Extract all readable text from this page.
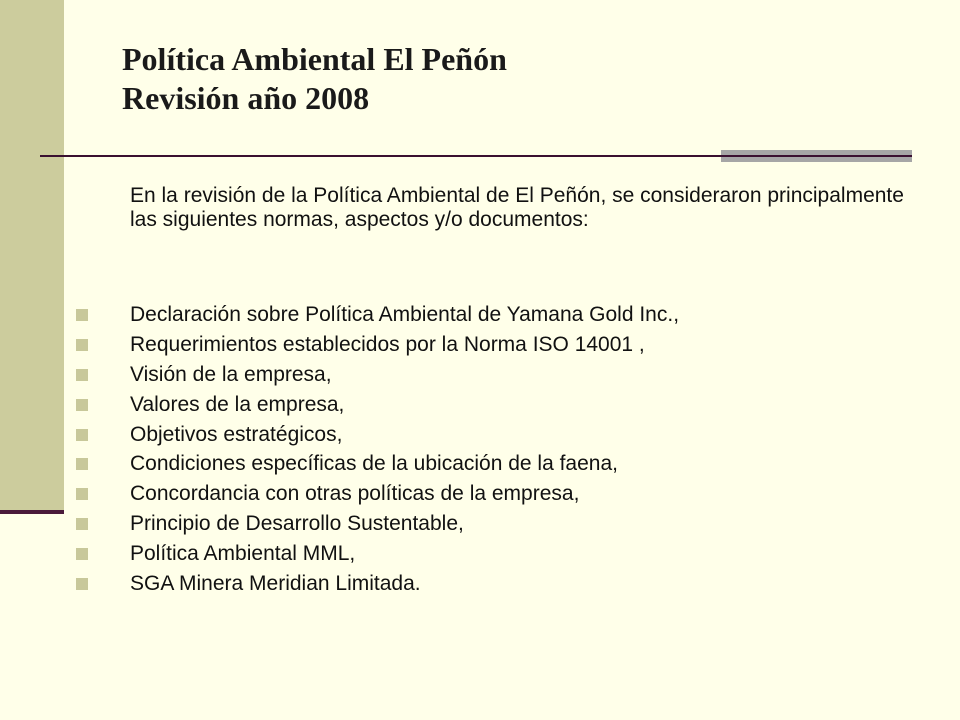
Política Ambiental El Peñón
Revisión año 2008
En la revisión de la Política Ambiental de El Peñón, se consideraron principalmente las siguientes normas, aspectos y/o documentos:
Declaración sobre Política Ambiental de Yamana Gold Inc.,
Requerimientos establecidos por la Norma ISO 14001 ,
Visión de la empresa,
Valores de la empresa,
Objetivos estratégicos,
Condiciones específicas de la ubicación de la faena,
Concordancia con otras políticas de la empresa,
Principio de Desarrollo Sustentable,
Política Ambiental MML,
SGA Minera Meridian Limitada.
